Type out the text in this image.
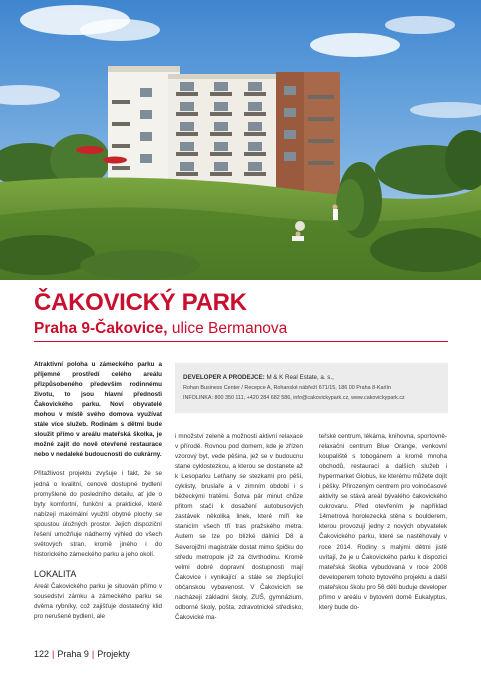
ČAKOVICKÝ PARK
Praha 9-Čakovice, ulice Bermanova
DEVELOPER A PRODEJCE: M & K Real Estate, a. s.,
Rohan Business Center / Recepce A, Rohanské nábřeží 671/15, 186 00 Praha 8-Karlín
INFOLINKA: 800 350 111, +420 284 682 586, info@cakovickypark.cz, www.cakovickypark.cz

Atraktivní poloha u zámeckého parku a příjemné prostředí celého areálu přizpůsobeného především rodinnému životu, to jsou hlavní přednosti Čakovického parku. Noví obyvatelé mohou v místě svého domova využívat stále více služeb. Rodinám s dětmi bude sloužit přímo v areálu mateřská školka, je možné zajít do nově otevřené restaurace nebo v nedaleké budoucnosti do cukrárny.

Přitažlivost projektu zvyšuje i fakt, že se jedná o kvalitní, cenově dostupné bydlení promyšlené do posledního detailu, ať jde o byty komfortní, funkční a praktické, které nabízejí maximální využití obytné plochy se spoustou úložných prostor. Jejich dispoziční řešení umožňuje nádherný výhled do všech světových stran, kromě jiného i do historického zámeckého parku a jeho okolí.

LOKALITA

Areál Čakovického parku je situován přímo v sousedství zámku a zámeckého parku se dvěma rybníky, což zajišťuje dostatečný klid pro nerušené bydlení, ale

i množství zeleně a možnosti aktivní relaxace v přírodě. Rovnou pod domem, kde je zřízen vzorový byt, vede pěšina, jež se v budoucnu stane cyklostezkou, a kterou se dostanete až k Lesoparku Letňany se stezkami pro pěší, cyklisty, bruslaře a v zimním období i s běžeckými tratěmi. Šotva pár minut chůze přitom stačí k dosažení autobusových zastávek několika linek, které míří ke stanicím všech tří tras pražského metra. Autem se lze po blízké dálnici D8 a Severojižní magistrále dostat mimo špičku do středu metropole již za čtvrthodinu. Kromě velmi dobré dopravní dostupnosti mají Čakovice i vynikající a stále se zlepšující občanskou vybavenost. V Čakovicích se nacházejí základní školy, ZUŠ, gymnázium, odborné školy, pošta, zdravotnické středisko, Čakovické ma-

teřské centrum, lékárna, knihovna, sportovně-relaxační centrum Blue Orange, venkovní koupaliště s tobogánem a kromě mnoha obchodů, restaurací a dalších služeb i hypermarket Globus, ke kterému můžete dojít i pěšky. Přirozeným centrem pro volnočasové aktivity se stává areál bývalého čakovického cukrovaru. Před otevřením je například 14metrová horolezecká stěna s boulderem, kterou provozují jedny z nových obyvatelek Čakovického parku, které se nastěhovaly v roce 2014. Rodiny s malými dětmi jistě uvítají, že je u Čakovického parku k dispozici mateřská školka vybudovaná v roce 2008 developerem tohoto bytového projektu a další mateřskou školu pro 56 dětí buduje developer přímo v areálu v bytovém domě Eukalyptus, který bude do-

122 | Praha 9 | Projekty
